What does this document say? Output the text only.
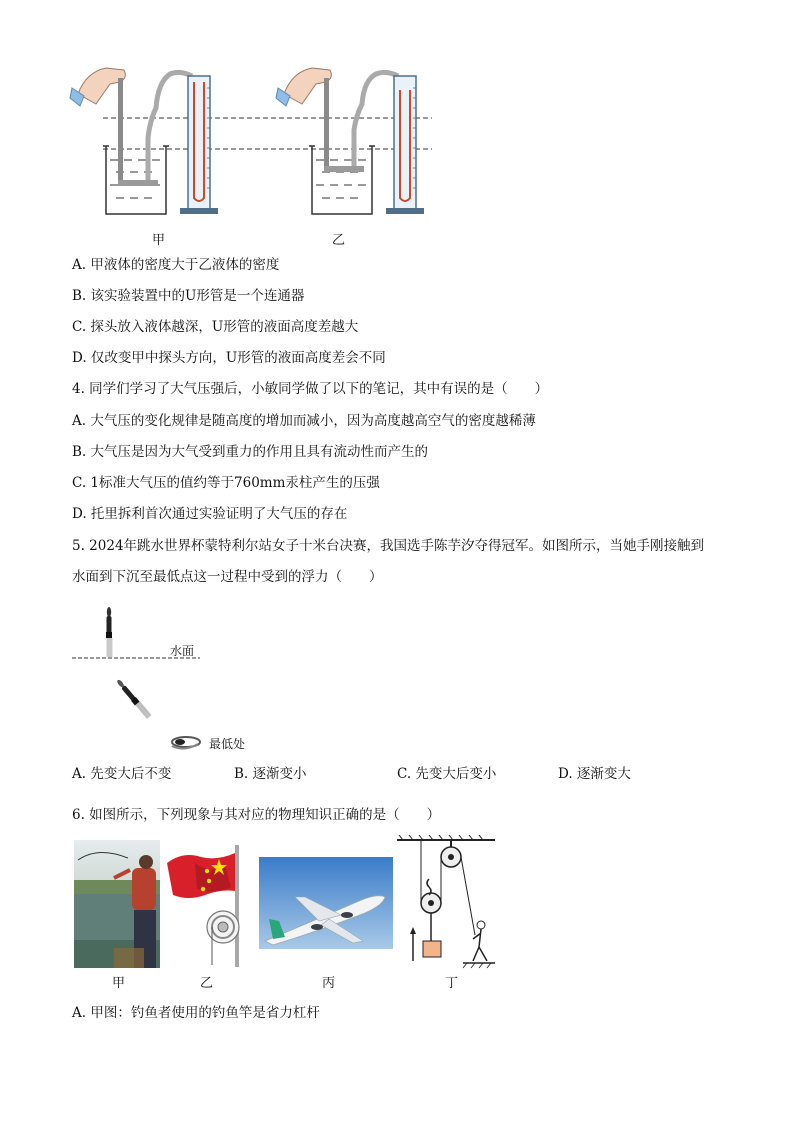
甲	乙
A. 甲液体的密度大于乙液体的密度
B. 该实验装置中的U形管是一个连通器
C. 探头放入液体越深，U形管的液面高度差越大
D. 仅改变甲中探头方向，U形管的液面高度差会不同
4. 同学们学习了大气压强后，小敏同学做了以下的笔记，其中有误的是（　　）
A. 大气压的变化规律是随高度的增加而减小，因为高度越高空气的密度越稀薄
B. 大气压是因为大气受到重力的作用且具有流动性而产生的
C. 1标准大气压的值约等于760mm汞柱产生的压强
D. 托里拆利首次通过实验证明了大气压的存在
5. 2024年跳水世界杯蒙特利尔站女子十米台决赛，我国选手陈芋汐夺得冠军。如图所示，当她手刚接触到
水面到下沉至最低点这一过程中受到的浮力（　　）
水面
最低处
A. 先变大后不变	B. 逐渐变小	C. 先变大后变小	D. 逐渐变大
6. 如图所示，下列现象与其对应的物理知识正确的是（　　）
甲	乙	丙	丁
A. 甲图：钓鱼者使用的钓鱼竿是省力杠杆
